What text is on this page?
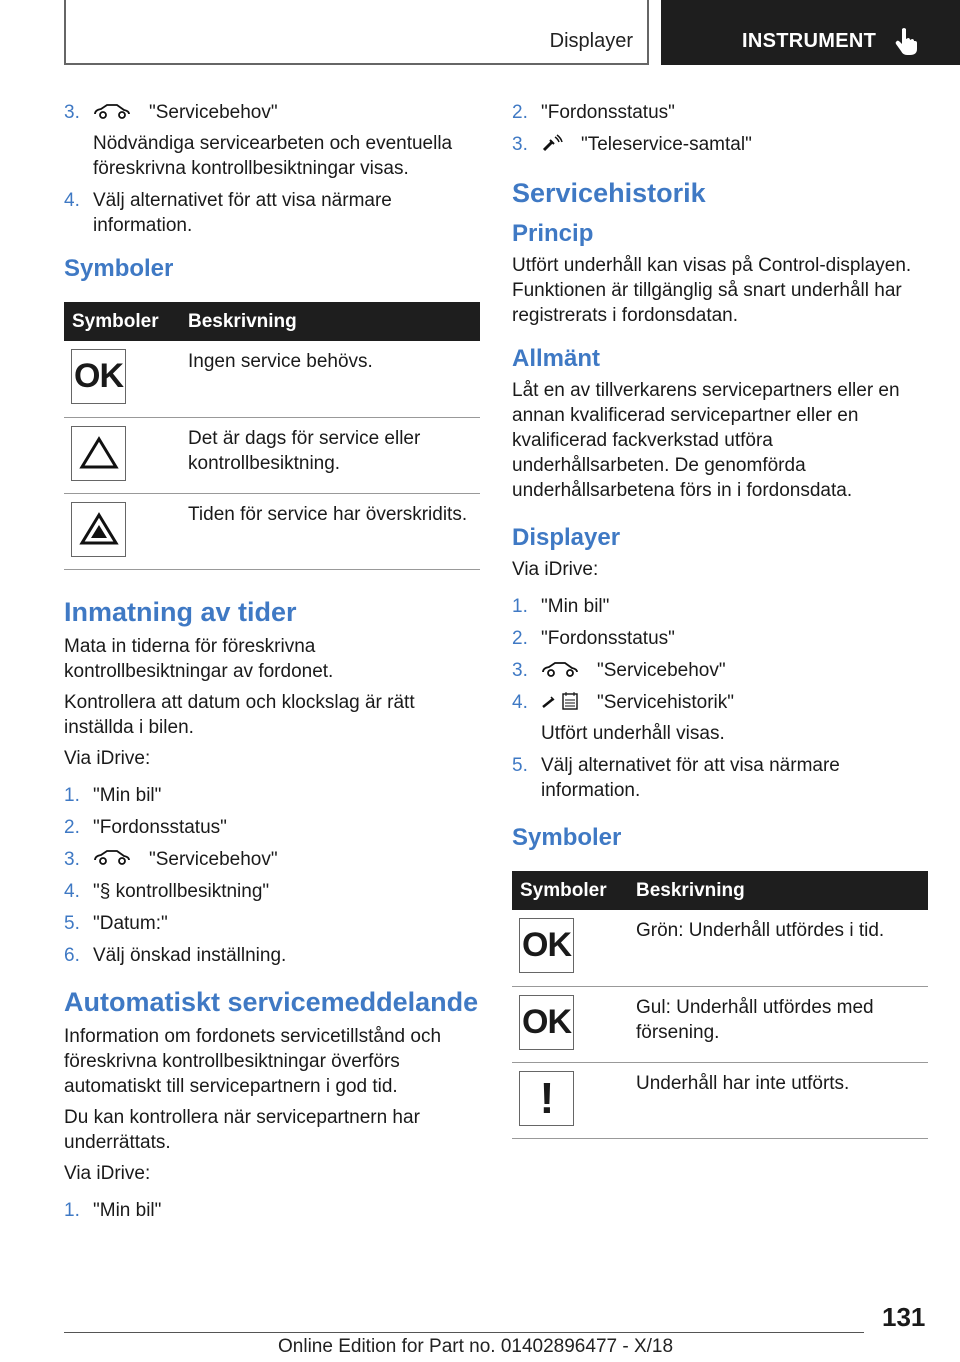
Displayer	INSTRUMENT
3.	"Servicebehov"
Nödvändiga servicearbeten och eventuella föreskrivna kontrollbesiktningar visas.
4. Välj alternativet för att visa närmare information.
Symboler
Symboler	Beskrivning

OK	Ingen service behövs.

	Det är dags för service eller kontrollbesiktning.

	Tiden för service har överskridits.
Inmatning av tider

Mata in tiderna för föreskrivna kontrollbesiktningar av fordonet.

Kontrollera att datum och klockslag är rätt inställda i bilen.

Via iDrive:

1. "Min bil"
2. "Fordonsstatus"
3.	"Servicebehov"
4. "§ kontrollbesiktning"
5. "Datum:"
6. Välj önskad inställning.
Automatiskt servicemeddelande

Information om fordonets servicetillstånd och föreskrivna kontrollbesiktningar överförs automatiskt till servicepartnern i god tid.

Du kan kontrollera när servicepartnern har underrättats.

Via iDrive:

1. "Min bil"
2. "Fordonsstatus"
3.	"Teleservice-samtal"
Servicehistorik
Princip

Utfört underhåll kan visas på Control-displayen. Funktionen är tillgänglig så snart underhåll har registrerats i fordonsdatan.

Allmänt

Låt en av tillverkarens servicepartners eller en annan kvalificerad servicepartner eller en kvalificerad fackverkstad utföra underhållsarbeten. De genomförda underhållsarbetena förs in i fordonsdata.

Displayer

Via iDrive:

1. "Min bil"
2. "Fordonsstatus"
3.	"Servicebehov"
4.	"Servicehistorik"
Utfört underhåll visas.
5. Välj alternativet för att visa närmare information.
Symboler
Symboler	Beskrivning

OK	Grön: Underhåll utfördes i tid.

OK	Gul: Underhåll utfördes med försening.

!	Underhåll har inte utförts.
131
Online Edition for Part no. 01402896477 - X/18
